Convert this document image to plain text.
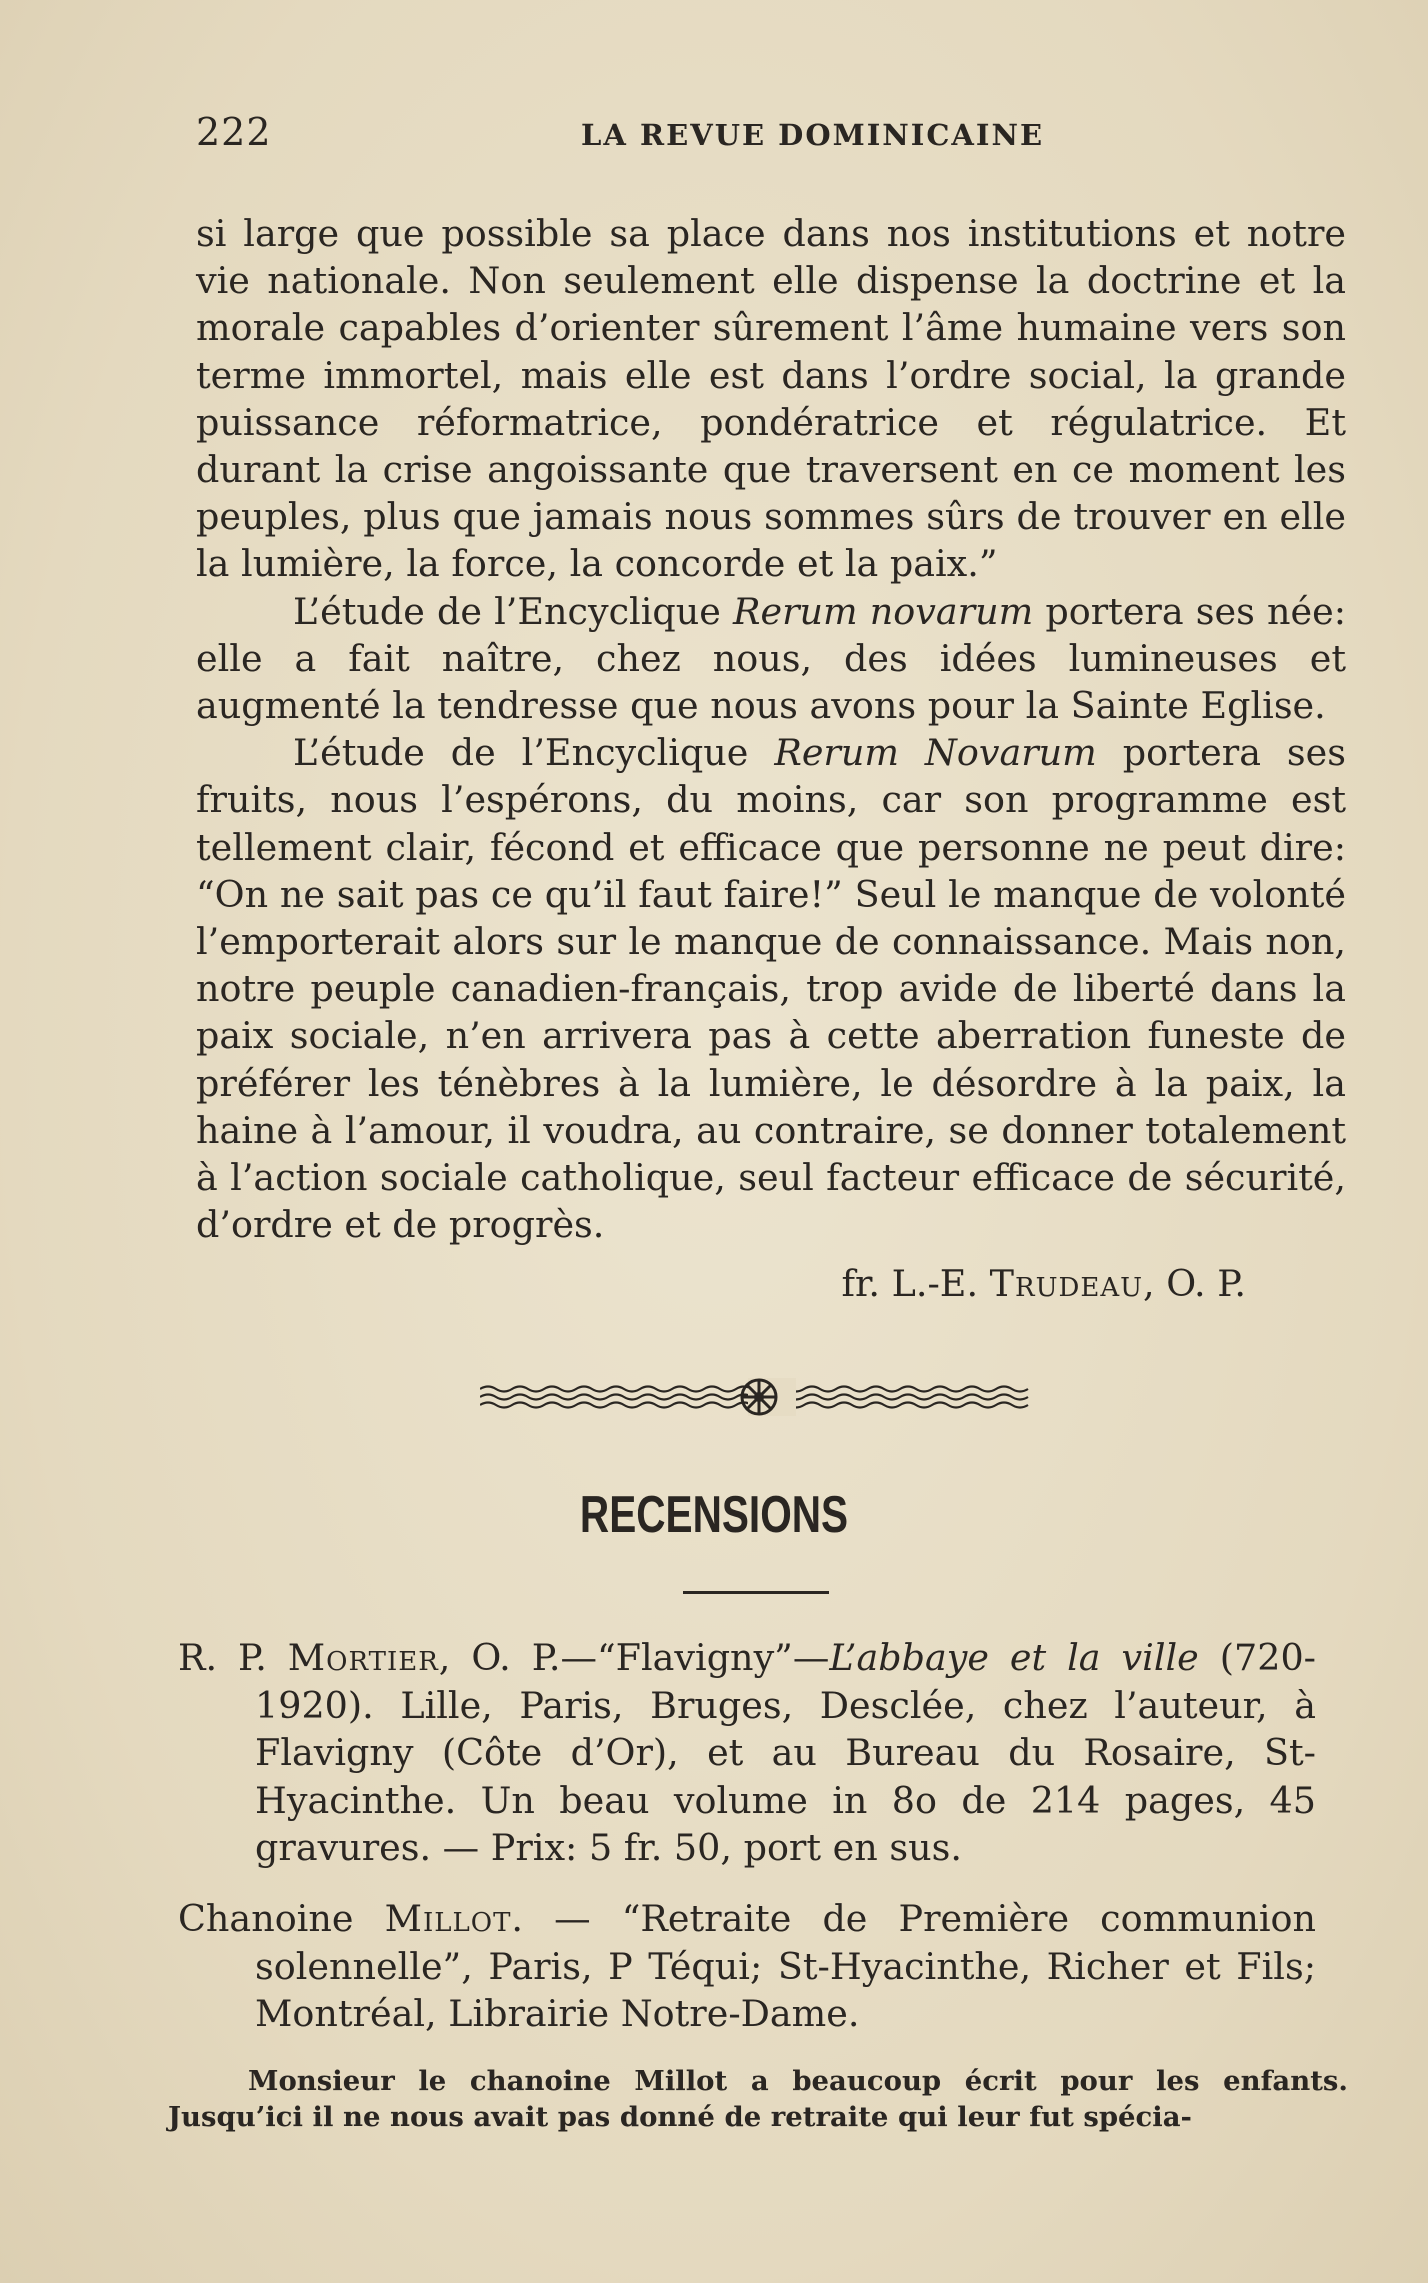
222	LA REVUE DOMINICAINE

si large que possible sa place dans nos institutions et notre vie nationale. Non seulement elle dispense la doctrine et la morale capables d’orienter sûrement l’âme humaine vers son terme immortel, mais elle est dans l’ordre social, la grande puissance réformatrice, pondératrice et régulatrice. Et durant la crise angoissante que traversent en ce moment les peuples, plus que jamais nous sommes sûrs de trouver en elle la lumière, la force, la concorde et la paix.”

L’étude de l’Encyclique Rerum novarum portera ses née: elle a fait naître, chez nous, des idées lumineuses et augmenté la tendresse que nous avons pour la Sainte Eglise.

L’étude de l’Encyclique Rerum Novarum portera ses fruits, nous l’espérons, du moins, car son programme est tellement clair, fécond et efficace que personne ne peut dire: “On ne sait pas ce qu’il faut faire!” Seul le manque de volonté l’emporterait alors sur le manque de connaissance. Mais non, notre peuple canadien-français, trop avide de liberté dans la paix sociale, n’en arrivera pas à cette aberration funeste de préférer les ténèbres à la lumière, le désordre à la paix, la haine à l’amour, il voudra, au contraire, se donner totalement à l’action sociale catholique, seul facteur efficace de sécurité, d’ordre et de progrès.

fr. L.-E. Trudeau, O. P.
RECENSIONS

R. P. Mortier, O. P.—“Flavigny”—L’abbaye et la ville (720-1920). Lille, Paris, Bruges, Desclée, chez l’auteur, à Flavigny (Côte d’Or), et au Bureau du Rosaire, St-Hyacinthe. Un beau volume in 8o de 214 pages, 45 gravures. — Prix: 5 fr. 50, port en sus.

Chanoine Millot. — “Retraite de Première communion solennelle”, Paris, P Téqui; St-Hyacinthe, Richer et Fils; Montréal, Librairie Notre-Dame.

Monsieur le chanoine Millot a beaucoup écrit pour les enfants. Jusqu’ici il ne nous avait pas donné de retraite qui leur fut spécia-
